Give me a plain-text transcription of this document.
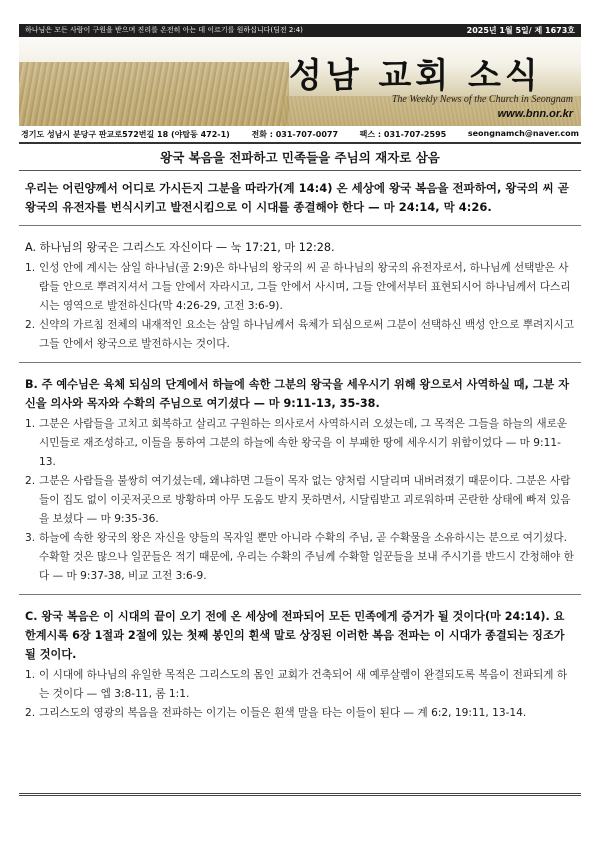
하나님은 모든 사람이 구원을 받으며 진리를 온전히 아는 데 이르기를 원하십니다(딤전 2:4)	2025년 1월 5일/ 제 1673호
성남 교회 소식
The Weekly News of the Church in Seongnam
www.bnn.or.kr
경기도 성남시 분당구 판교로572번길 18 (야탑동 472-1)	전화 : 031-707-0077	팩스 : 031-707-2595	seongnamch@naver.com
왕국 복음을 전파하고 민족들을 주님의 재자로 삼음
우리는 어린양께서 어디로 가시든지 그분을 따라가(계 14:4) 온 세상에 왕국 복음을 전파하여, 왕국의 씨 곧 왕국의 유전자를 번식시키고 발전시킴으로 이 시대를 종결해야 한다 — 마 24:14, 막 4:26.
A. 하나님의 왕국은 그리스도 자신이다 — 눅 17:21, 마 12:28.
1. 인성 안에 계시는 삼일 하나님(골 2:9)은 하나님의 왕국의 씨 곧 하나님의 왕국의 유전자로서, 하나님께 선택받은 사람들 안으로 뿌려지셔서 그들 안에서 자라시고, 그들 안에서 사시며, 그들 안에서부터 표현되시어 하나님께서 다스리시는 영역으로 발전하신다(막 4:26-29, 고전 3:6-9).
2. 신약의 가르침 전체의 내재적인 요소는 삼일 하나님께서 육체가 되심으로써 그분이 선택하신 백성 안으로 뿌려지시고 그들 안에서 왕국으로 발전하시는 것이다.
B. 주 예수님은 육체 되심의 단계에서 하늘에 속한 그분의 왕국을 세우시기 위해 왕으로서 사역하실 때, 그분 자신을 의사와 목자와 수확의 주님으로 여기셨다 — 마 9:11-13, 35-38.
1. 그분은 사람들을 고치고 회복하고 살리고 구원하는 의사로서 사역하시러 오셨는데, 그 목적은 그들을 하늘의 새로운 시민들로 재조성하고, 이들을 통하여 그분의 하늘에 속한 왕국을 이 부패한 땅에 세우시기 위함이었다 — 마 9:11-13.
2. 그분은 사람들을 불쌍히 여기셨는데, 왜냐하면 그들이 목자 없는 양처럼 시달리며 내버려졌기 때문이다. 그분은 사람들이 집도 없이 이곳저곳으로 방황하며 아무 도움도 받지 못하면서, 시달림받고 괴로워하며 곤란한 상태에 빠져 있음을 보셨다 — 마 9:35-36.
3. 하늘에 속한 왕국의 왕은 자신을 양들의 목자일 뿐만 아니라 수확의 주님, 곧 수확물을 소유하시는 분으로 여기셨다. 수확할 것은 많으나 일꾼들은 적기 때문에, 우리는 수확의 주님께 수확할 일꾼들을 보내 주시기를 반드시 간청해야 한다 — 마 9:37-38, 비교 고전 3:6-9.
C. 왕국 복음은 이 시대의 끝이 오기 전에 온 세상에 전파되어 모든 민족에게 증거가 될 것이다(마 24:14). 요한계시록 6장 1절과 2절에 있는 첫째 봉인의 흰색 말로 상징된 이러한 복음 전파는 이 시대가 종결되는 징조가 될 것이다.
1. 이 시대에 하나님의 유일한 목적은 그리스도의 몸인 교회가 건축되어 새 예루살렘이 완결되도록 복음이 전파되게 하는 것이다 — 엡 3:8-11, 롬 1:1.
2. 그리스도의 영광의 복음을 전파하는 이기는 이들은 흰색 말을 타는 이들이 된다 — 계 6:2, 19:11, 13-14.
